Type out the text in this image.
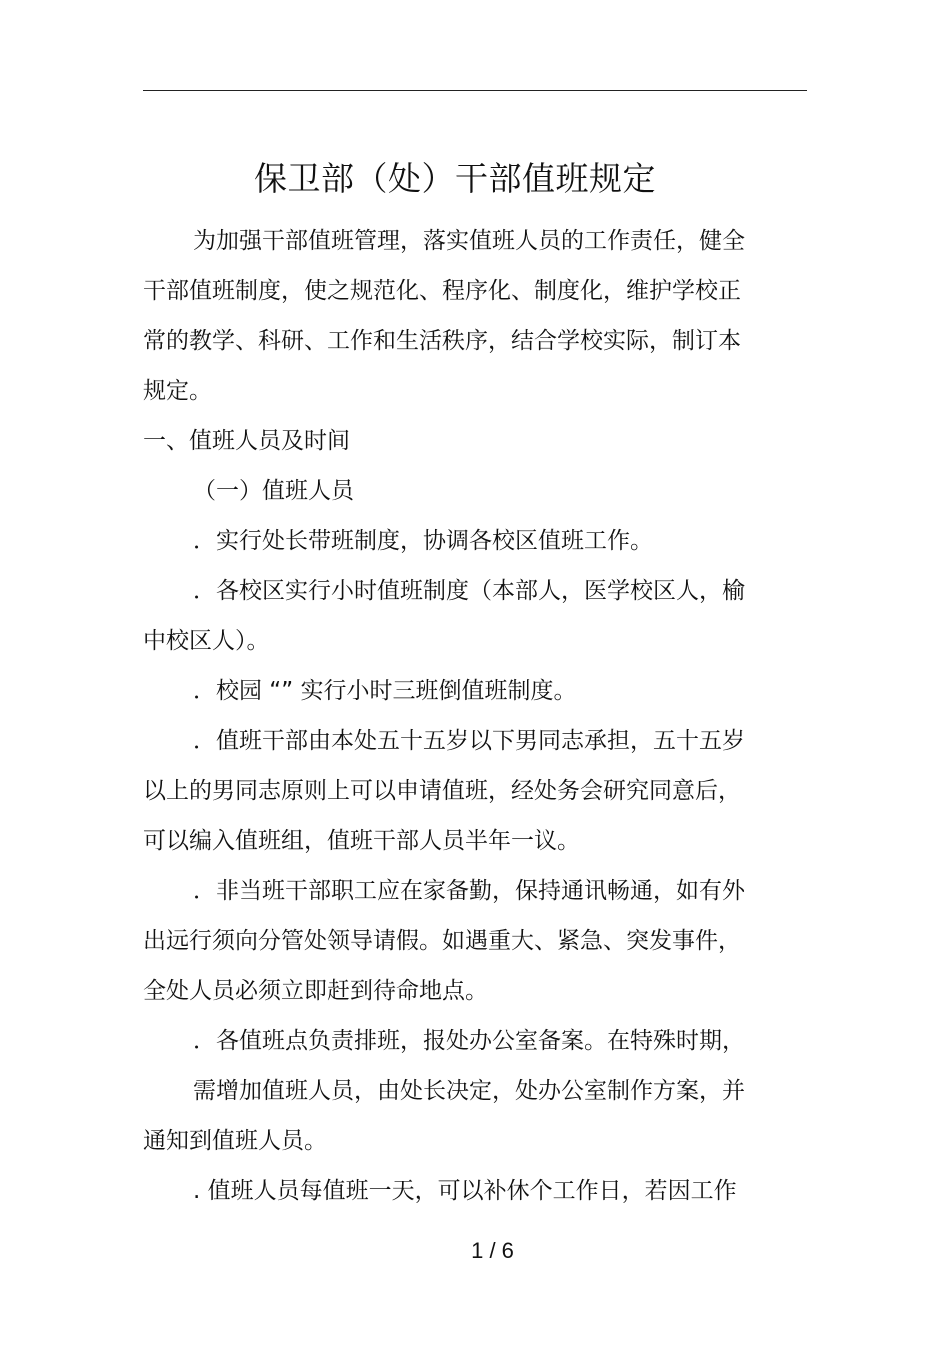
保卫部（处）干部值班规定
为加强干部值班管理，落实值班人员的工作责任，健全
干部值班制度，使之规范化、程序化、制度化，维护学校正
常的教学、科研、工作和生活秩序，结合学校实际，制订本
规定。
一、值班人员及时间
（一）值班人员
．实行处长带班制度，协调各校区值班工作。
．各校区实行小时值班制度（本部人，医学校区人，榆
中校区人）。
．校园 “” 实行小时三班倒值班制度。
．值班干部由本处五十五岁以下男同志承担，五十五岁
以上的男同志原则上可以申请值班，经处务会研究同意后，
可以编入值班组，值班干部人员半年一议。
．非当班干部职工应在家备勤，保持通讯畅通，如有外
出远行须向分管处领导请假。如遇重大、紧急、突发事件，
全处人员必须立即赶到待命地点。
．各值班点负责排班，报处办公室备案。在特殊时期，
需增加值班人员，由处长决定，处办公室制作方案，并
通知到值班人员。
. 值班人员每值班一天，可以补休个工作日，若因工作
1 / 6
